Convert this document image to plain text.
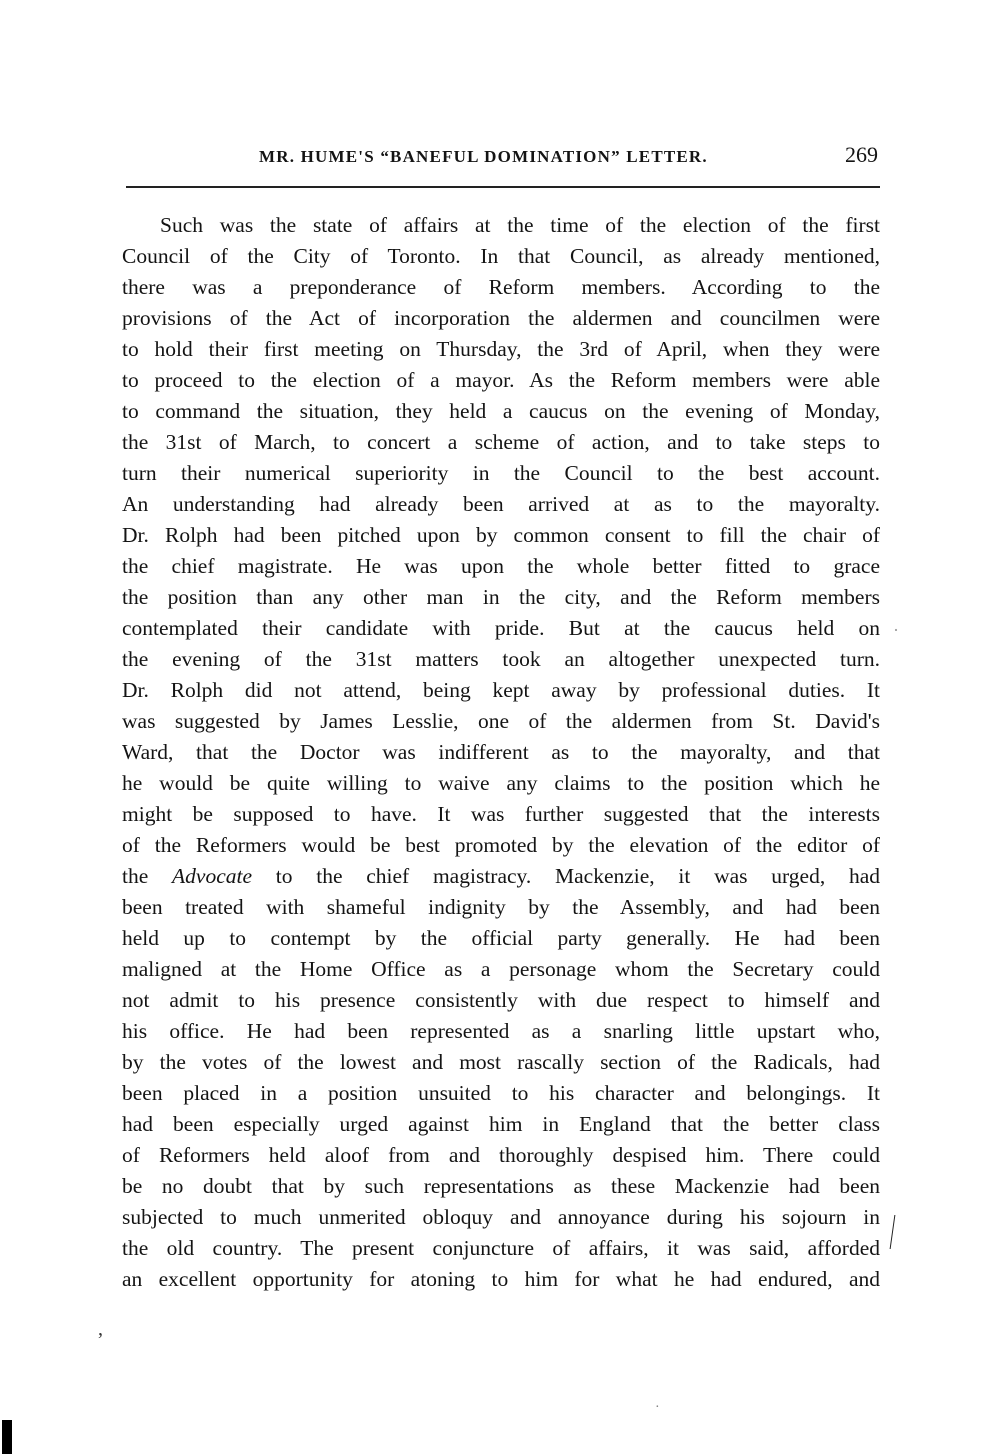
MR. HUME'S “BANEFUL DOMINATION” LETTER.	269
Such was the state of affairs at the time of the election of the first
Council of the City of Toronto. In that Council, as already mentioned,
there was a preponderance of Reform members. According to the
provisions of the Act of incorporation the aldermen and councilmen were
to hold their first meeting on Thursday, the 3rd of April, when they were
to proceed to the election of a mayor. As the Reform members were able
to command the situation, they held a caucus on the evening of Monday,
the 31st of March, to concert a scheme of action, and to take steps to
turn their numerical superiority in the Council to the best account.
An understanding had already been arrived at as to the mayoralty.
Dr. Rolph had been pitched upon by common consent to fill the chair of
the chief magistrate. He was upon the whole better fitted to grace
the position than any other man in the city, and the Reform members
contemplated their candidate with pride. But at the caucus held on
the evening of the 31st matters took an altogether unexpected turn.
Dr. Rolph did not attend, being kept away by professional duties. It
was suggested by James Lesslie, one of the aldermen from St. David's
Ward, that the Doctor was indifferent as to the mayoralty, and that
he would be quite willing to waive any claims to the position which he
might be supposed to have. It was further suggested that the interests
of the Reformers would be best promoted by the elevation of the editor of
the Advocate to the chief magistracy. Mackenzie, it was urged, had
been treated with shameful indignity by the Assembly, and had been
held up to contempt by the official party generally. He had been
maligned at the Home Office as a personage whom the Secretary could
not admit to his presence consistently with due respect to himself and
his office. He had been represented as a snarling little upstart who,
by the votes of the lowest and most rascally section of the Radicals, had
been placed in a position unsuited to his character and belongings. It
had been especially urged against him in England that the better class
of Reformers held aloof from and thoroughly despised him. There could
be no doubt that by such representations as these Mackenzie had been
subjected to much unmerited obloquy and annoyance during his sojourn in
the old country. The present conjuncture of affairs, it was said, afforded
an excellent opportunity for atoning to him for what he had endured, and
·
,
·
